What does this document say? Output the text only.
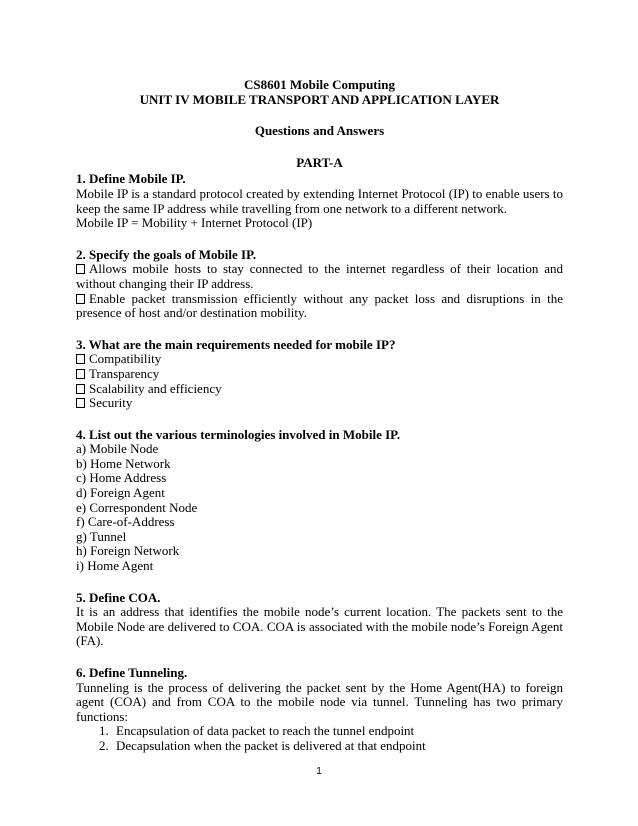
CS8601 Mobile Computing
UNIT IV MOBILE TRANSPORT AND APPLICATION LAYER
Questions and Answers
PART-A
1. Define Mobile IP.
Mobile IP is a standard protocol created by extending Internet Protocol (IP) to enable users to keep the same IP address while travelling from one network to a different network.
Mobile IP = Mobility + Internet Protocol (IP)
2. Specify the goals of Mobile IP.
Allows mobile hosts to stay connected to the internet regardless of their location and without changing their IP address.
Enable packet transmission efficiently without any packet loss and disruptions in the presence of host and/or destination mobility.
3. What are the main requirements needed for mobile IP?
Compatibility
Transparency
Scalability and efficiency
Security
4. List out the various terminologies involved in Mobile IP.
a) Mobile Node
b) Home Network
c) Home Address
d) Foreign Agent
e) Correspondent Node
f) Care-of-Address
g) Tunnel
h) Foreign Network
i) Home Agent
5. Define COA.
It is an address that identifies the mobile node’s current location. The packets sent to the Mobile Node are delivered to COA. COA is associated with the mobile node’s Foreign Agent (FA).
6. Define Tunneling.
Tunneling is the process of delivering the packet sent by the Home Agent(HA) to foreign agent (COA) and from COA to the mobile node via tunnel. Tunneling has two primary functions:
1. Encapsulation of data packet to reach the tunnel endpoint
2. Decapsulation when the packet is delivered at that endpoint
1
